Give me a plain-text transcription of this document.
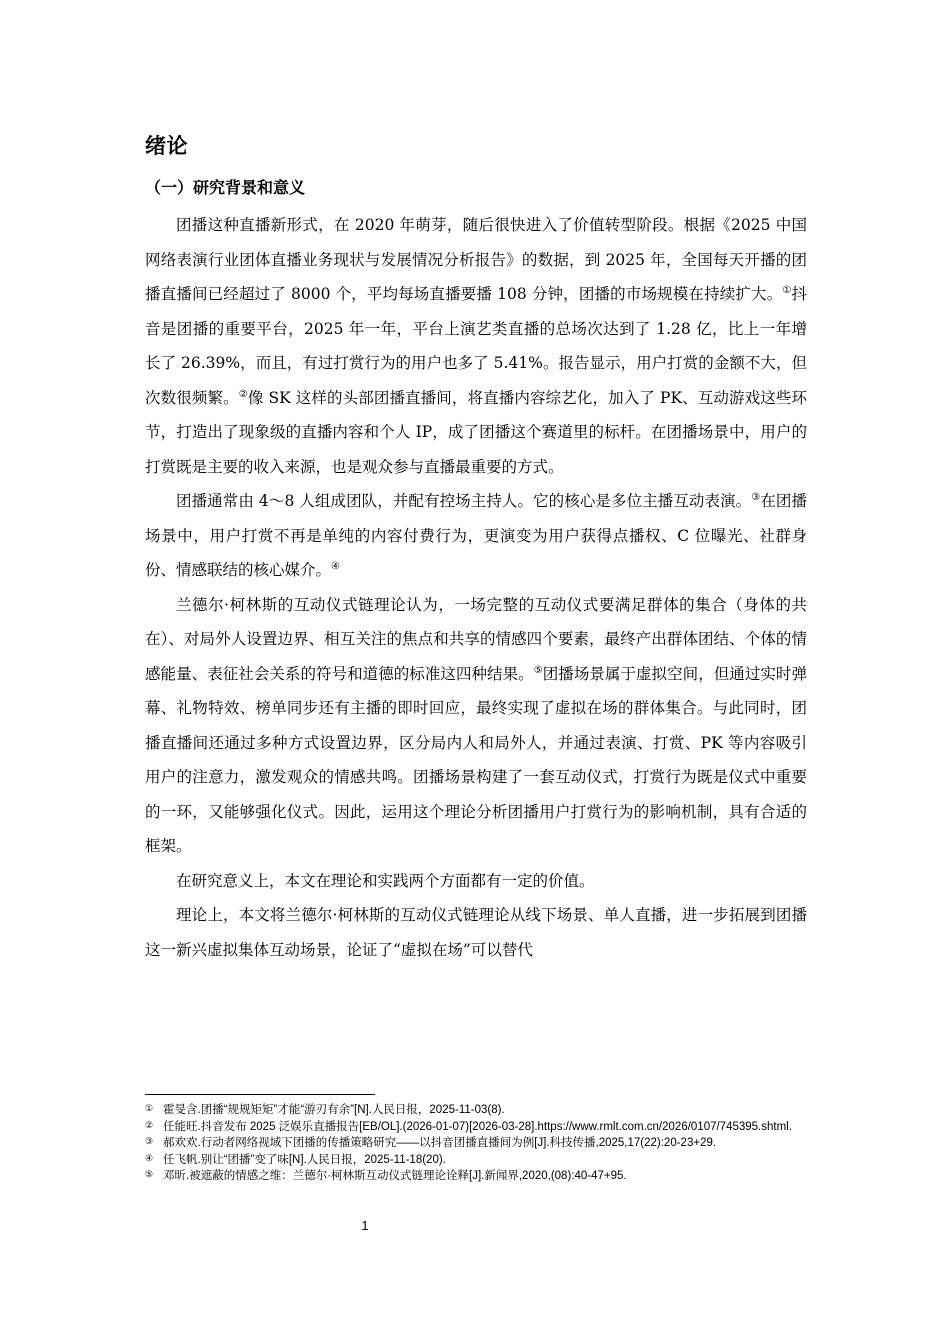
绪论
（一）研究背景和意义

团播这种直播新形式，在 2020 年萌芽，随后很快进入了价值转型阶段。根据《2025 中国网络表演行业团体直播业务现状与发展情况分析报告》的数据，到 2025 年，全国每天开播的团播直播间已经超过了 8000 个，平均每场直播要播 108 分钟，团播的市场规模在持续扩大。①抖音是团播的重要平台，2025 年一年，平台上演艺类直播的总场次达到了 1.28 亿，比上一年增长了 26.39%，而且，有过打赏行为的用户也多了 5.41%。报告显示，用户打赏的金额不大，但次数很频繁。②像 SK 这样的头部团播直播间，将直播内容综艺化，加入了 PK、互动游戏这些环节，打造出了现象级的直播内容和个人 IP，成了团播这个赛道里的标杆。在团播场景中，用户的打赏既是主要的收入来源，也是观众参与直播最重要的方式。

团播通常由 4～8 人组成团队，并配有控场主持人。它的核心是多位主播互动表演。③在团播场景中，用户打赏不再是单纯的内容付费行为，更演变为用户获得点播权、C 位曝光、社群身份、情感联结的核心媒介。④

兰德尔·柯林斯的互动仪式链理论认为，一场完整的互动仪式要满足群体的集合（身体的共在）、对局外人设置边界、相互关注的焦点和共享的情感四个要素，最终产出群体团结、个体的情感能量、表征社会关系的符号和道德的标准这四种结果。⑤团播场景属于虚拟空间，但通过实时弹幕、礼物特效、榜单同步还有主播的即时回应，最终实现了虚拟在场的群体集合。与此同时，团播直播间还通过多种方式设置边界，区分局内人和局外人，并通过表演、打赏、PK 等内容吸引用户的注意力，激发观众的情感共鸣。团播场景构建了一套互动仪式，打赏行为既是仪式中重要的一环，又能够强化仪式。因此，运用这个理论分析团播用户打赏行为的影响机制，具有合适的框架。

在研究意义上，本文在理论和实践两个方面都有一定的价值。

理论上，本文将兰德尔·柯林斯的互动仪式链理论从线下场景、单人直播，进一步拓展到团播这一新兴虚拟集体互动场景，论证了“虚拟在场”可以替代

① 霍旻含.团播“规规矩矩”才能“游刃有余”[N].人民日报，2025-11-03(8).
② 任能旺.抖音发布 2025 泛娱乐直播报告[EB/OL].(2026-01-07)[2026-03-28].https://www.rmlt.com.cn/2026/0107/745395.shtml.
③ 郝欢欢.行动者网络视域下团播的传播策略研究——以抖音团播直播间为例[J].科技传播,2025,17(22):20-23+29.
④ 任飞帆.别让“团播”变了味[N].人民日报，2025-11-18(20).
⑤ 邓昕.被遮蔽的情感之维：兰德尔·柯林斯互动仪式链理论诠释[J].新闻界,2020,(08):40-47+95.
1
